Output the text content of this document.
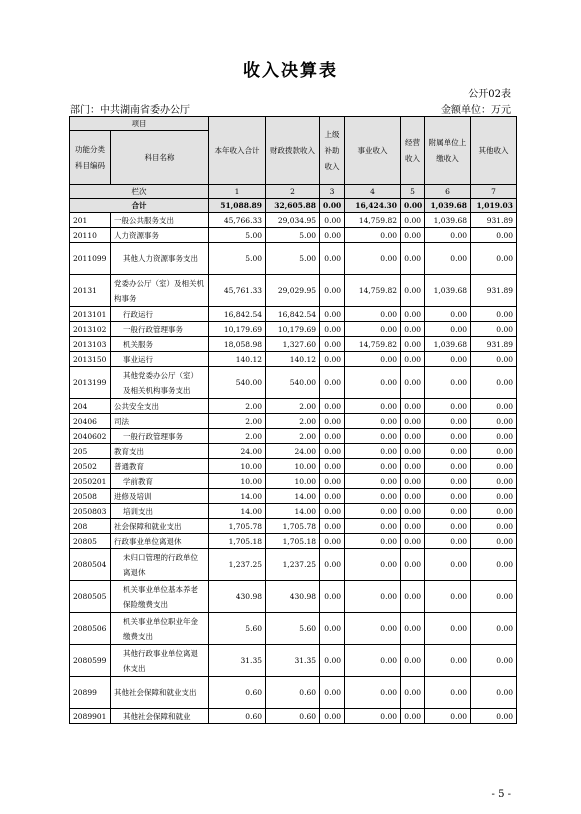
收入决算表
公开02表
部门：中共湖南省委办公厅	金额单位：万元
项目		本年收入合计	财政拨款收入	上级补助收入	事业收入	经营收入	附属单位上缴收入	其他收入
功能分类科目编码	科目名称							
栏次		1	2	3	4	5	6	7
合计		51,088.89	32,605.88	0.00	16,424.30	0.00	1,039.68	1,019.03
201	一般公共服务支出	45,766.33	29,034.95	0.00	14,759.82	0.00	1,039.68	931.89
20110	人力资源事务	5.00	5.00	0.00	0.00	0.00	0.00	0.00
2011099	其他人力资源事务支出	5.00	5.00	0.00	0.00	0.00	0.00	0.00
20131	党委办公厅（室）及相关机构事务	45,761.33	29,029.95	0.00	14,759.82	0.00	1,039.68	931.89
2013101	行政运行	16,842.54	16,842.54	0.00	0.00	0.00	0.00	0.00
2013102	一般行政管理事务	10,179.69	10,179.69	0.00	0.00	0.00	0.00	0.00
2013103	机关服务	18,058.98	1,327.60	0.00	14,759.82	0.00	1,039.68	931.89
2013150	事业运行	140.12	140.12	0.00	0.00	0.00	0.00	0.00
2013199	其他党委办公厅（室）及相关机构事务支出	540.00	540.00	0.00	0.00	0.00	0.00	0.00
204	公共安全支出	2.00	2.00	0.00	0.00	0.00	0.00	0.00
20406	司法	2.00	2.00	0.00	0.00	0.00	0.00	0.00
2040602	一般行政管理事务	2.00	2.00	0.00	0.00	0.00	0.00	0.00
205	教育支出	24.00	24.00	0.00	0.00	0.00	0.00	0.00
20502	普通教育	10.00	10.00	0.00	0.00	0.00	0.00	0.00
2050201	学前教育	10.00	10.00	0.00	0.00	0.00	0.00	0.00
20508	进修及培训	14.00	14.00	0.00	0.00	0.00	0.00	0.00
2050803	培训支出	14.00	14.00	0.00	0.00	0.00	0.00	0.00
208	社会保障和就业支出	1,705.78	1,705.78	0.00	0.00	0.00	0.00	0.00
20805	行政事业单位离退休	1,705.18	1,705.18	0.00	0.00	0.00	0.00	0.00
2080504	未归口管理的行政单位离退休	1,237.25	1,237.25	0.00	0.00	0.00	0.00	0.00
2080505	机关事业单位基本养老保险缴费支出	430.98	430.98	0.00	0.00	0.00	0.00	0.00
2080506	机关事业单位职业年金缴费支出	5.60	5.60	0.00	0.00	0.00	0.00	0.00
2080599	其他行政事业单位离退休支出	31.35	31.35	0.00	0.00	0.00	0.00	0.00
20899	其他社会保障和就业支出	0.60	0.60	0.00	0.00	0.00	0.00	0.00
2089901	其他社会保障和就业	0.60	0.60	0.00	0.00	0.00	0.00	0.00
- 5 -
